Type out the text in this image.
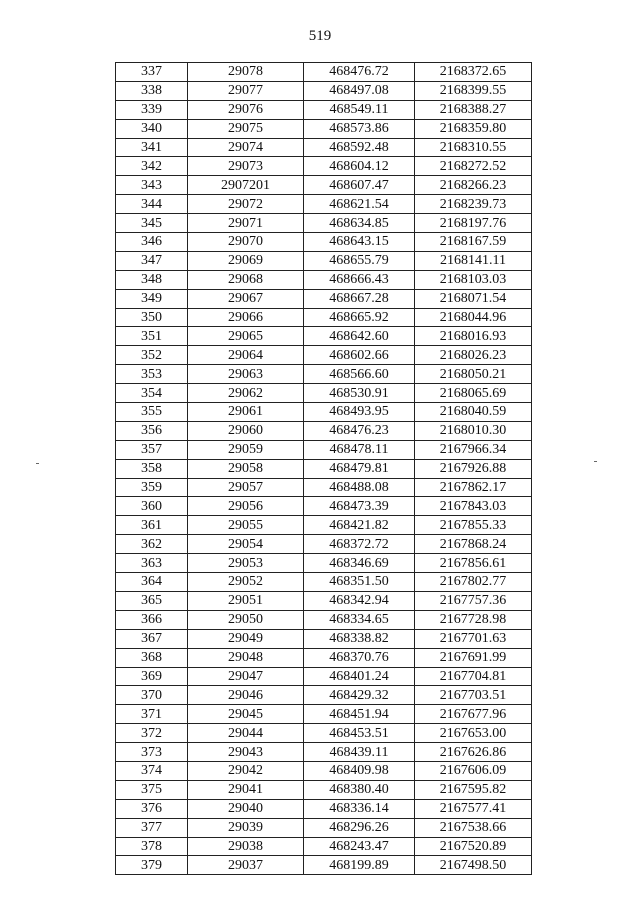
519
337	29078	468476.72	2168372.65
338	29077	468497.08	2168399.55
339	29076	468549.11	2168388.27
340	29075	468573.86	2168359.80
341	29074	468592.48	2168310.55
342	29073	468604.12	2168272.52
343	2907201	468607.47	2168266.23
344	29072	468621.54	2168239.73
345	29071	468634.85	2168197.76
346	29070	468643.15	2168167.59
347	29069	468655.79	2168141.11
348	29068	468666.43	2168103.03
349	29067	468667.28	2168071.54
350	29066	468665.92	2168044.96
351	29065	468642.60	2168016.93
352	29064	468602.66	2168026.23
353	29063	468566.60	2168050.21
354	29062	468530.91	2168065.69
355	29061	468493.95	2168040.59
356	29060	468476.23	2168010.30
357	29059	468478.11	2167966.34
358	29058	468479.81	2167926.88
359	29057	468488.08	2167862.17
360	29056	468473.39	2167843.03
361	29055	468421.82	2167855.33
362	29054	468372.72	2167868.24
363	29053	468346.69	2167856.61
364	29052	468351.50	2167802.77
365	29051	468342.94	2167757.36
366	29050	468334.65	2167728.98
367	29049	468338.82	2167701.63
368	29048	468370.76	2167691.99
369	29047	468401.24	2167704.81
370	29046	468429.32	2167703.51
371	29045	468451.94	2167677.96
372	29044	468453.51	2167653.00
373	29043	468439.11	2167626.86
374	29042	468409.98	2167606.09
375	29041	468380.40	2167595.82
376	29040	468336.14	2167577.41
377	29039	468296.26	2167538.66
378	29038	468243.47	2167520.89
379	29037	468199.89	2167498.50
